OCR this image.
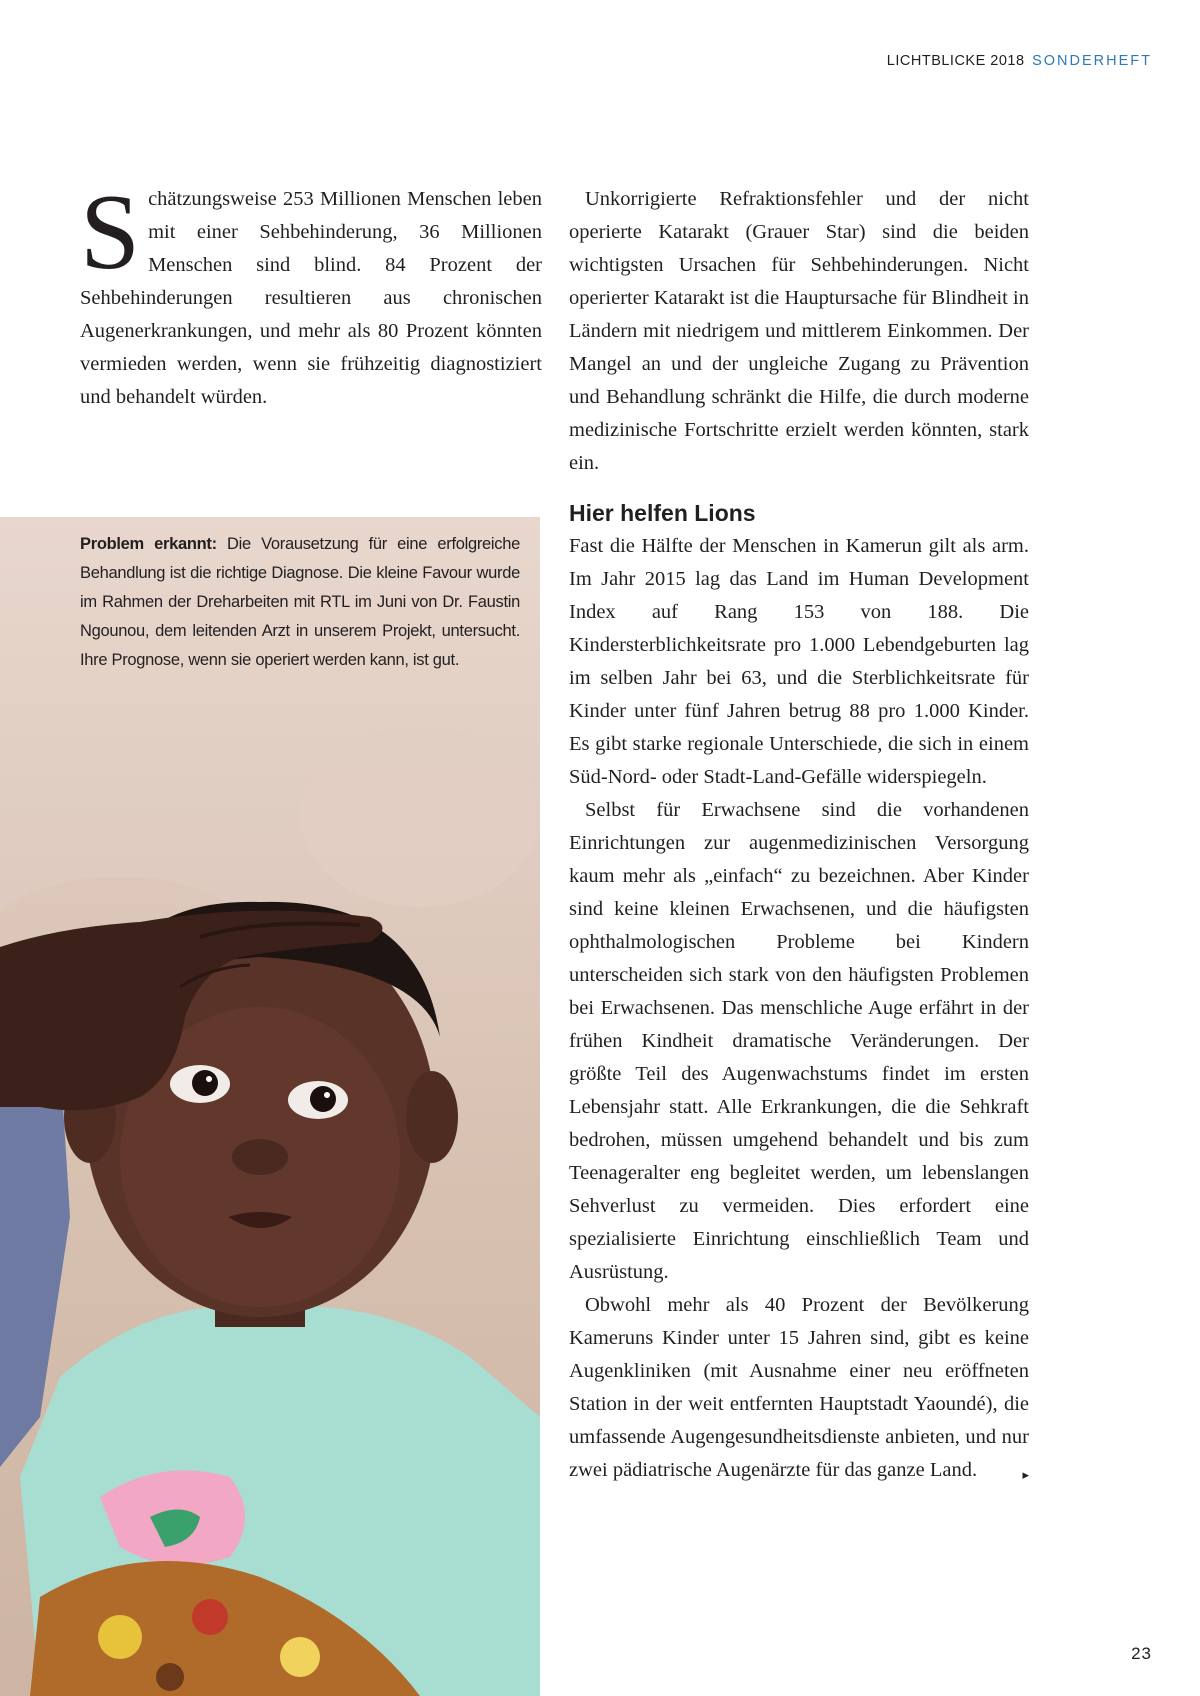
LICHTBLICKE 2018 SONDERHEFT
S chätzungsweise 253 Millionen Menschen leben mit einer Sehbehinderung, 36 Millionen Menschen sind blind. 84 Prozent der Sehbehinderungen resultieren aus chronischen Augenerkrankungen, und mehr als 80 Prozent könnten vermieden werden, wenn sie frühzeitig diagnostiziert und behandelt würden.

Unkorrigierte Refraktionsfehler und der nicht operierte Katarakt (Grauer Star) sind die beiden wichtigsten Ursachen für Sehbehinderungen. Nicht operierter Katarakt ist die Hauptursache für Blindheit in Ländern mit niedrigem und mittlerem Einkommen. Der Mangel an und der ungleiche Zugang zu Prävention und Behandlung schränkt die Hilfe, die durch moderne medizinische Fortschritte erzielt werden könnten, stark ein.

Hier helfen Lions

Fast die Hälfte der Menschen in Kamerun gilt als arm. Im Jahr 2015 lag das Land im Human Development Index auf Rang 153 von 188. Die Kindersterblichkeitsrate pro 1.000 Lebendgeburten lag im selben Jahr bei 63, und die Sterblichkeitsrate für Kinder unter fünf Jahren betrug 88 pro 1.000 Kinder. Es gibt starke regionale Unterschiede, die sich in einem Süd-Nord- oder Stadt-Land-Gefälle widerspiegeln.

Selbst für Erwachsene sind die vorhandenen Einrichtungen zur augenmedizinischen Versorgung kaum mehr als „einfach“ zu bezeichnen. Aber Kinder sind keine kleinen Erwachsenen, und die häufigsten ophthalmologischen Probleme bei Kindern unterscheiden sich stark von den häufigsten Problemen bei Erwachsenen. Das menschliche Auge erfährt in der frühen Kindheit dramatische Veränderungen. Der größte Teil des Augenwachstums findet im ersten Lebensjahr statt. Alle Erkrankungen, die die Sehkraft bedrohen, müssen umgehend behandelt und bis zum Teenageralter eng begleitet werden, um lebenslangen Sehverlust zu vermeiden. Dies erfordert eine spezialisierte Einrichtung einschließlich Team und Ausrüstung.

Obwohl mehr als 40 Prozent der Bevölkerung Kameruns Kinder unter 15 Jahren sind, gibt es keine Augenkliniken (mit Ausnahme einer neu eröffneten Station in der weit entfernten Hauptstadt Yaoundé), die umfassende Augengesundheitsdienste anbieten, und nur zwei pädiatrische Augenärzte für das ganze Land.	▸

Problem erkannt: Die Vorausetzung für eine erfolgreiche Behandlung ist die richtige Diagnose. Die kleine Favour wurde im Rahmen der Dreharbeiten mit RTL im Juni von Dr. Faustin Ngounou, dem leitenden Arzt in unserem Projekt, untersucht. Ihre Prognose, wenn sie operiert werden kann, ist gut.
23
